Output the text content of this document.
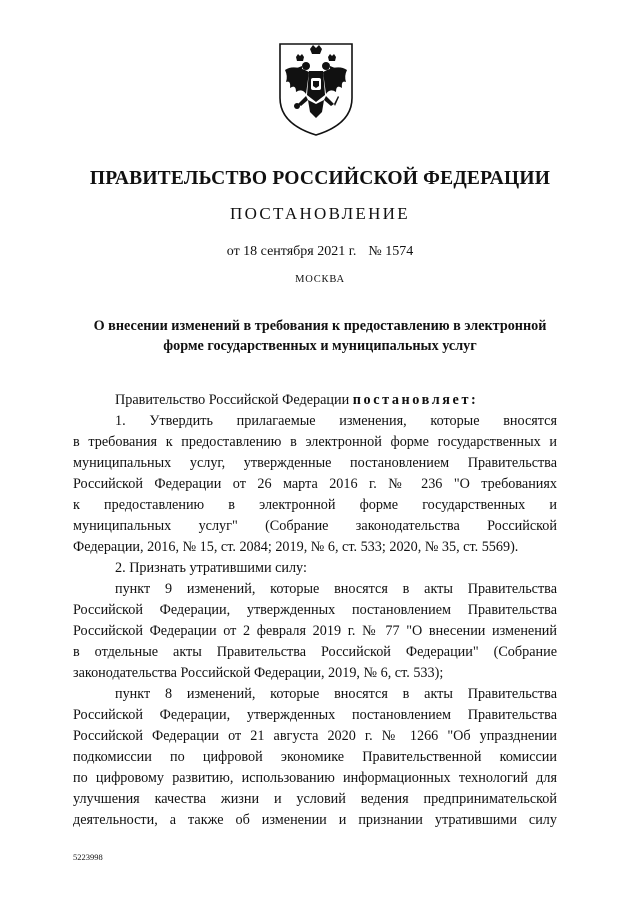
ПРАВИТЕЛЬСТВО РОССИЙСКОЙ ФЕДЕРАЦИИ
ПОСТАНОВЛЕНИЕ
от 18 сентября 2021 г. № 1574
МОСКВА
О внесении изменений в требования к предоставлению в электронной
форме государственных и муниципальных услуг
Правительство Российской Федерации постановляет:
1. Утвердить прилагаемые изменения, которые вносятся
в требования к предоставлению в электронной форме государственных и
муниципальных услуг, утвержденные постановлением Правительства
Российской Федерации от 26 марта 2016 г. № 236 "О требованиях
к предоставлению в электронной форме государственных и
муниципальных услуг" (Собрание законодательства Российской
Федерации, 2016, № 15, ст. 2084; 2019, № 6, ст. 533; 2020, № 35, ст. 5569).
2. Признать утратившими силу:
пункт 9 изменений, которые вносятся в акты Правительства
Российской Федерации, утвержденных постановлением Правительства
Российской Федерации от 2 февраля 2019 г. № 77 "О внесении изменений
в отдельные акты Правительства Российской Федерации" (Собрание
законодательства Российской Федерации, 2019, № 6, ст. 533);
пункт 8 изменений, которые вносятся в акты Правительства
Российской Федерации, утвержденных постановлением Правительства
Российской Федерации от 21 августа 2020 г. № 1266 "Об упразднении
подкомиссии по цифровой экономике Правительственной комиссии
по цифровому развитию, использованию информационных технологий для
улучшения качества жизни и условий ведения предпринимательской
деятельности, а также об изменении и признании утратившими силу
5223998
